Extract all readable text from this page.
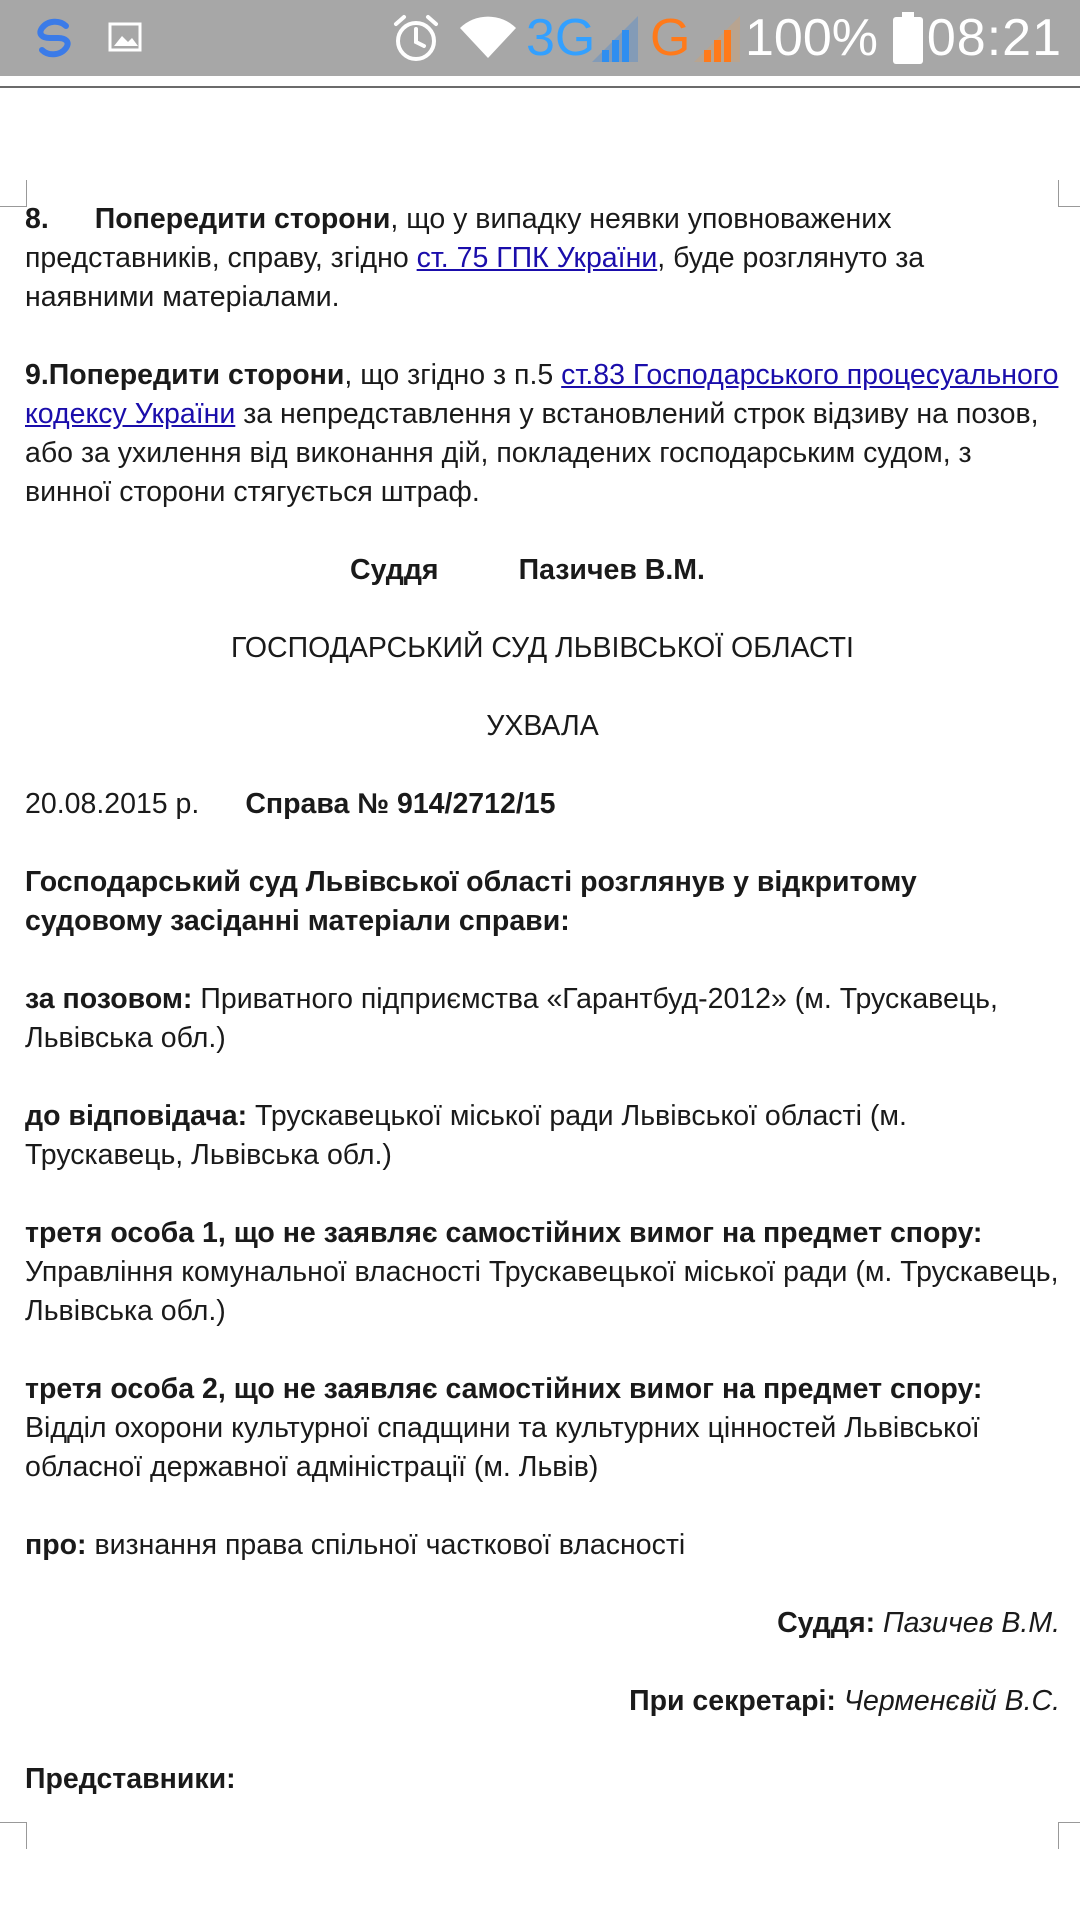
3G G 100% 08:21

8. Попередити сторони, що у випадку неявки уповноважених представників, справу, згідно ст. 75 ГПК України, буде розглянуто за наявними матеріалами.

9.Попередити сторони, що згідно з п.5 ст.83 Господарського процесуального кодексу України за непредставлення у встановлений строк відзиву на позов, або за ухилення від виконання дій, покладених господарським судом, з винної сторони стягується штраф.

Суддя	Пазичев В.М.

ГОСПОДАРСЬКИЙ СУД ЛЬВІВСЬКОЇ ОБЛАСТІ

УХВАЛА

20.08.2015 р. Справа № 914/2712/15

Господарський суд Львівської області розглянув у відкритому судовому засіданні матеріали справи:

за позовом: Приватного підприємства «Гарантбуд-2012» (м. Трускавець, Львівська обл.)

до відповідача: Трускавецької міської ради Львівської області (м. Трускавець, Львівська обл.)

третя особа 1, що не заявляє самостійних вимог на предмет спору: Управління комунальної власності Трускавецької міської ради (м. Трускавець, Львівська обл.)

третя особа 2, що не заявляє самостійних вимог на предмет спору: Відділ охорони культурної спадщини та культурних цінностей Львівської обласної державної адміністрації (м. Львів)

про: визнання права спільної часткової власності

Суддя: Пазичев В.М.

При секретарі: Черменєвій В.С.

Представники:
